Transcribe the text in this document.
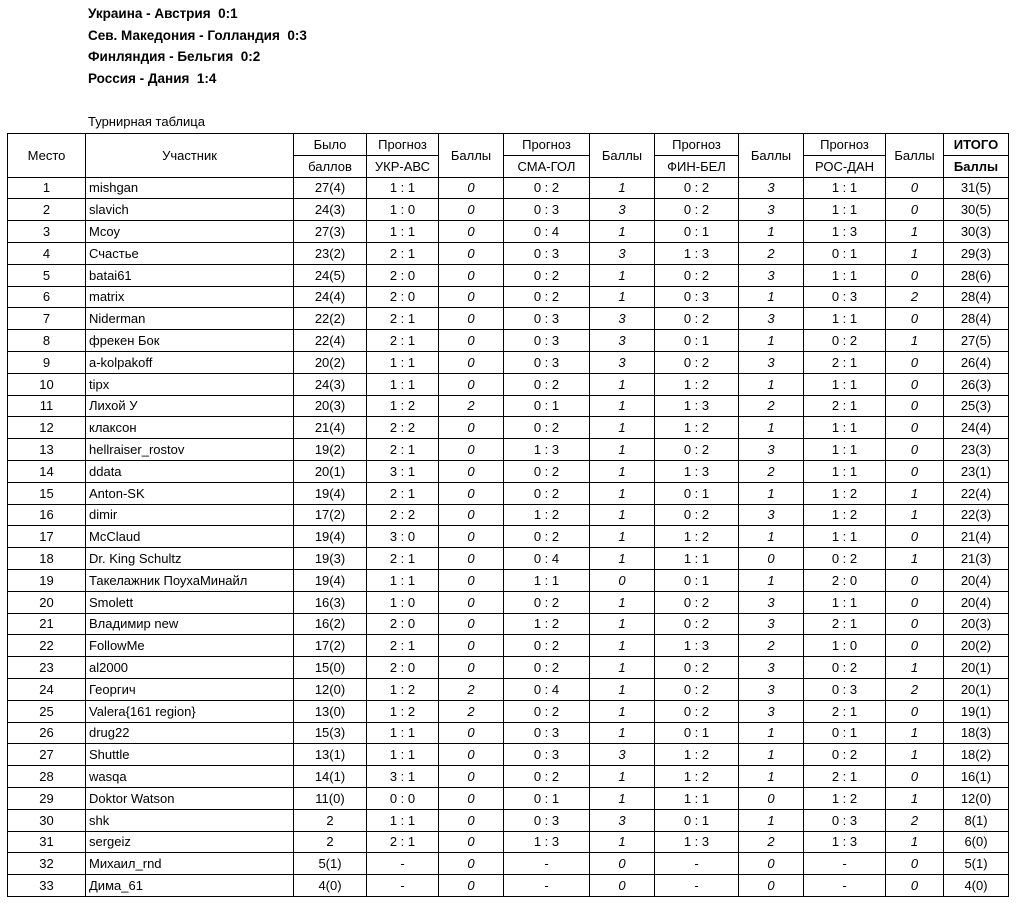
Украина - Австрия  0:1
Сев. Македония - Голландия  0:3
Финляндия - Бельгия  0:2
Россия - Дания  1:4
Турнирная таблица
Место	Участник	Было	Прогноз	Баллы	Прогноз	Баллы	Прогноз	Баллы	Прогноз	Баллы	ИТОГО
		баллов	УКР-АВС		СМА-ГОЛ		ФИН-БЕЛ		РОС-ДАН		Баллы
1	mishgan	27(4)	1 : 1	0	0 : 2	1	0 : 2	3	1 : 1	0	31(5)
2	slavich	24(3)	1 : 0	0	0 : 3	3	0 : 2	3	1 : 1	0	30(5)
3	Mcoy	27(3)	1 : 1	0	0 : 4	1	0 : 1	1	1 : 3	1	30(3)
4	Счастье	23(2)	2 : 1	0	0 : 3	3	1 : 3	2	0 : 1	1	29(3)
5	batai61	24(5)	2 : 0	0	0 : 2	1	0 : 2	3	1 : 1	0	28(6)
6	matrix	24(4)	2 : 0	0	0 : 2	1	0 : 3	1	0 : 3	2	28(4)
7	Niderman	22(2)	2 : 1	0	0 : 3	3	0 : 2	3	1 : 1	0	28(4)
8	фрекен Бок	22(4)	2 : 1	0	0 : 3	3	0 : 1	1	0 : 2	1	27(5)
9	a-kolpakoff	20(2)	1 : 1	0	0 : 3	3	0 : 2	3	2 : 1	0	26(4)
10	tipx	24(3)	1 : 1	0	0 : 2	1	1 : 2	1	1 : 1	0	26(3)
11	Лихой У	20(3)	1 : 2	2	0 : 1	1	1 : 3	2	2 : 1	0	25(3)
12	клаксон	21(4)	2 : 2	0	0 : 2	1	1 : 2	1	1 : 1	0	24(4)
13	hellraiser_rostov	19(2)	2 : 1	0	1 : 3	1	0 : 2	3	1 : 1	0	23(3)
14	ddata	20(1)	3 : 1	0	0 : 2	1	1 : 3	2	1 : 1	0	23(1)
15	Anton-SK	19(4)	2 : 1	0	0 : 2	1	0 : 1	1	1 : 2	1	22(4)
16	dimir	17(2)	2 : 2	0	1 : 2	1	0 : 2	3	1 : 2	1	22(3)
17	McClaud	19(4)	3 : 0	0	0 : 2	1	1 : 2	1	1 : 1	0	21(4)
18	Dr. King Schultz	19(3)	2 : 1	0	0 : 4	1	1 : 1	0	0 : 2	1	21(3)
19	Такелажник ПоухаМинайл	19(4)	1 : 1	0	1 : 1	0	0 : 1	1	2 : 0	0	20(4)
20	Smolett	16(3)	1 : 0	0	0 : 2	1	0 : 2	3	1 : 1	0	20(4)
21	Владимир new	16(2)	2 : 0	0	1 : 2	1	0 : 2	3	2 : 1	0	20(3)
22	FollowMe	17(2)	2 : 1	0	0 : 2	1	1 : 3	2	1 : 0	0	20(2)
23	al2000	15(0)	2 : 0	0	0 : 2	1	0 : 2	3	0 : 2	1	20(1)
24	Георгич	12(0)	1 : 2	2	0 : 4	1	0 : 2	3	0 : 3	2	20(1)
25	Valera{161 region}	13(0)	1 : 2	2	0 : 2	1	0 : 2	3	2 : 1	0	19(1)
26	drug22	15(3)	1 : 1	0	0 : 3	1	0 : 1	1	0 : 1	1	18(3)
27	Shuttle	13(1)	1 : 1	0	0 : 3	3	1 : 2	1	0 : 2	1	18(2)
28	wasqa	14(1)	3 : 1	0	0 : 2	1	1 : 2	1	2 : 1	0	16(1)
29	Doktor Watson	11(0)	0 : 0	0	0 : 1	1	1 : 1	0	1 : 2	1	12(0)
30	shk	2	1 : 1	0	0 : 3	3	0 : 1	1	0 : 3	2	8(1)
31	sergeiz	2	2 : 1	0	1 : 3	1	1 : 3	2	1 : 3	1	6(0)
32	Михаил_rnd	5(1)	-	0	-	0	-	0	-	0	5(1)
33	Дима_61	4(0)	-	0	-	0	-	0	-	0	4(0)
